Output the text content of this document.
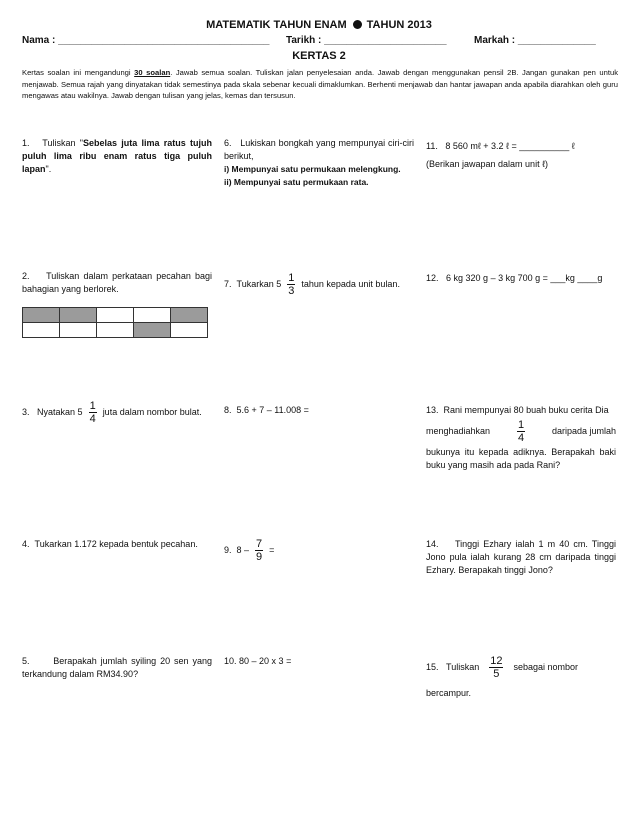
MATEMATIK TAHUN ENAM TAHUN 2013
Nama : ______________________________________ Tarikh : ______________________	Markah : ______________
KERTAS 2
Kertas soalan ini mengandungi 30 soalan. Jawab semua soalan. Tuliskan jalan penyelesaian anda. Jawab dengan menggunakan pensil 2B. Jangan gunakan pen untuk menjawab. Semua rajah yang dinyatakan tidak semestinya pada skala sebenar kecuali dimaklumkan. Berhenti menjawab dan hantar jawapan anda apabila diarahkan oleh guru mengawas atau wakilnya. Jawab dengan tulisan yang jelas, kemas dan tersusun.
1. Tuliskan "Sebelas juta lima ratus tujuh puluh lima ribu enam ratus tiga puluh lapan".
2. Tuliskan dalam perkataan pecahan bagi bahagian yang berlorek.

3. Nyatakan $5 \frac{1}{4}$ juta dalam nombor bulat.
4. Tukarkan 1.172 kepada bentuk pecahan.
5.	Berapakah jumlah syiling 20 sen yang terkandung dalam RM34.90?
6. Lukiskan bongkah yang mempunyai ciri-ciri berikut,
i) Mempunyai satu permukaan melengkung.
ii) Mempunyai satu permukaan rata.
7. Tukarkan $5 \frac{1}{3}$ tahun kepada unit bulan.
8. 5.6 + 7 – 11.008 =
9. $8 - \frac{7}{9}$ =
10. 80 – 20 x 3 =
11. 8 560 mℓ + 3.2 ℓ = __________ ℓ
(Berikan jawapan dalam unit ℓ)
12. 6 kg 320 g – 3 kg 700 g = ___kg ____g
13. Rani mempunyai 80 buah buku cerita Dia
menghadiahkan $\frac{1}{4}$	daripada jumlah
bukunya itu kepada adiknya. Berapakah baki buku yang masih ada pada Rani?
14. Tinggi Ezhary ialah 1 m 40 cm. Tinggi Jono pula ialah kurang 28 cm daripada tinggi Ezhary. Berapakah tinggi Jono?
15. Tuliskan $\frac{12}{5}$ sebagai nombor
bercampur.
